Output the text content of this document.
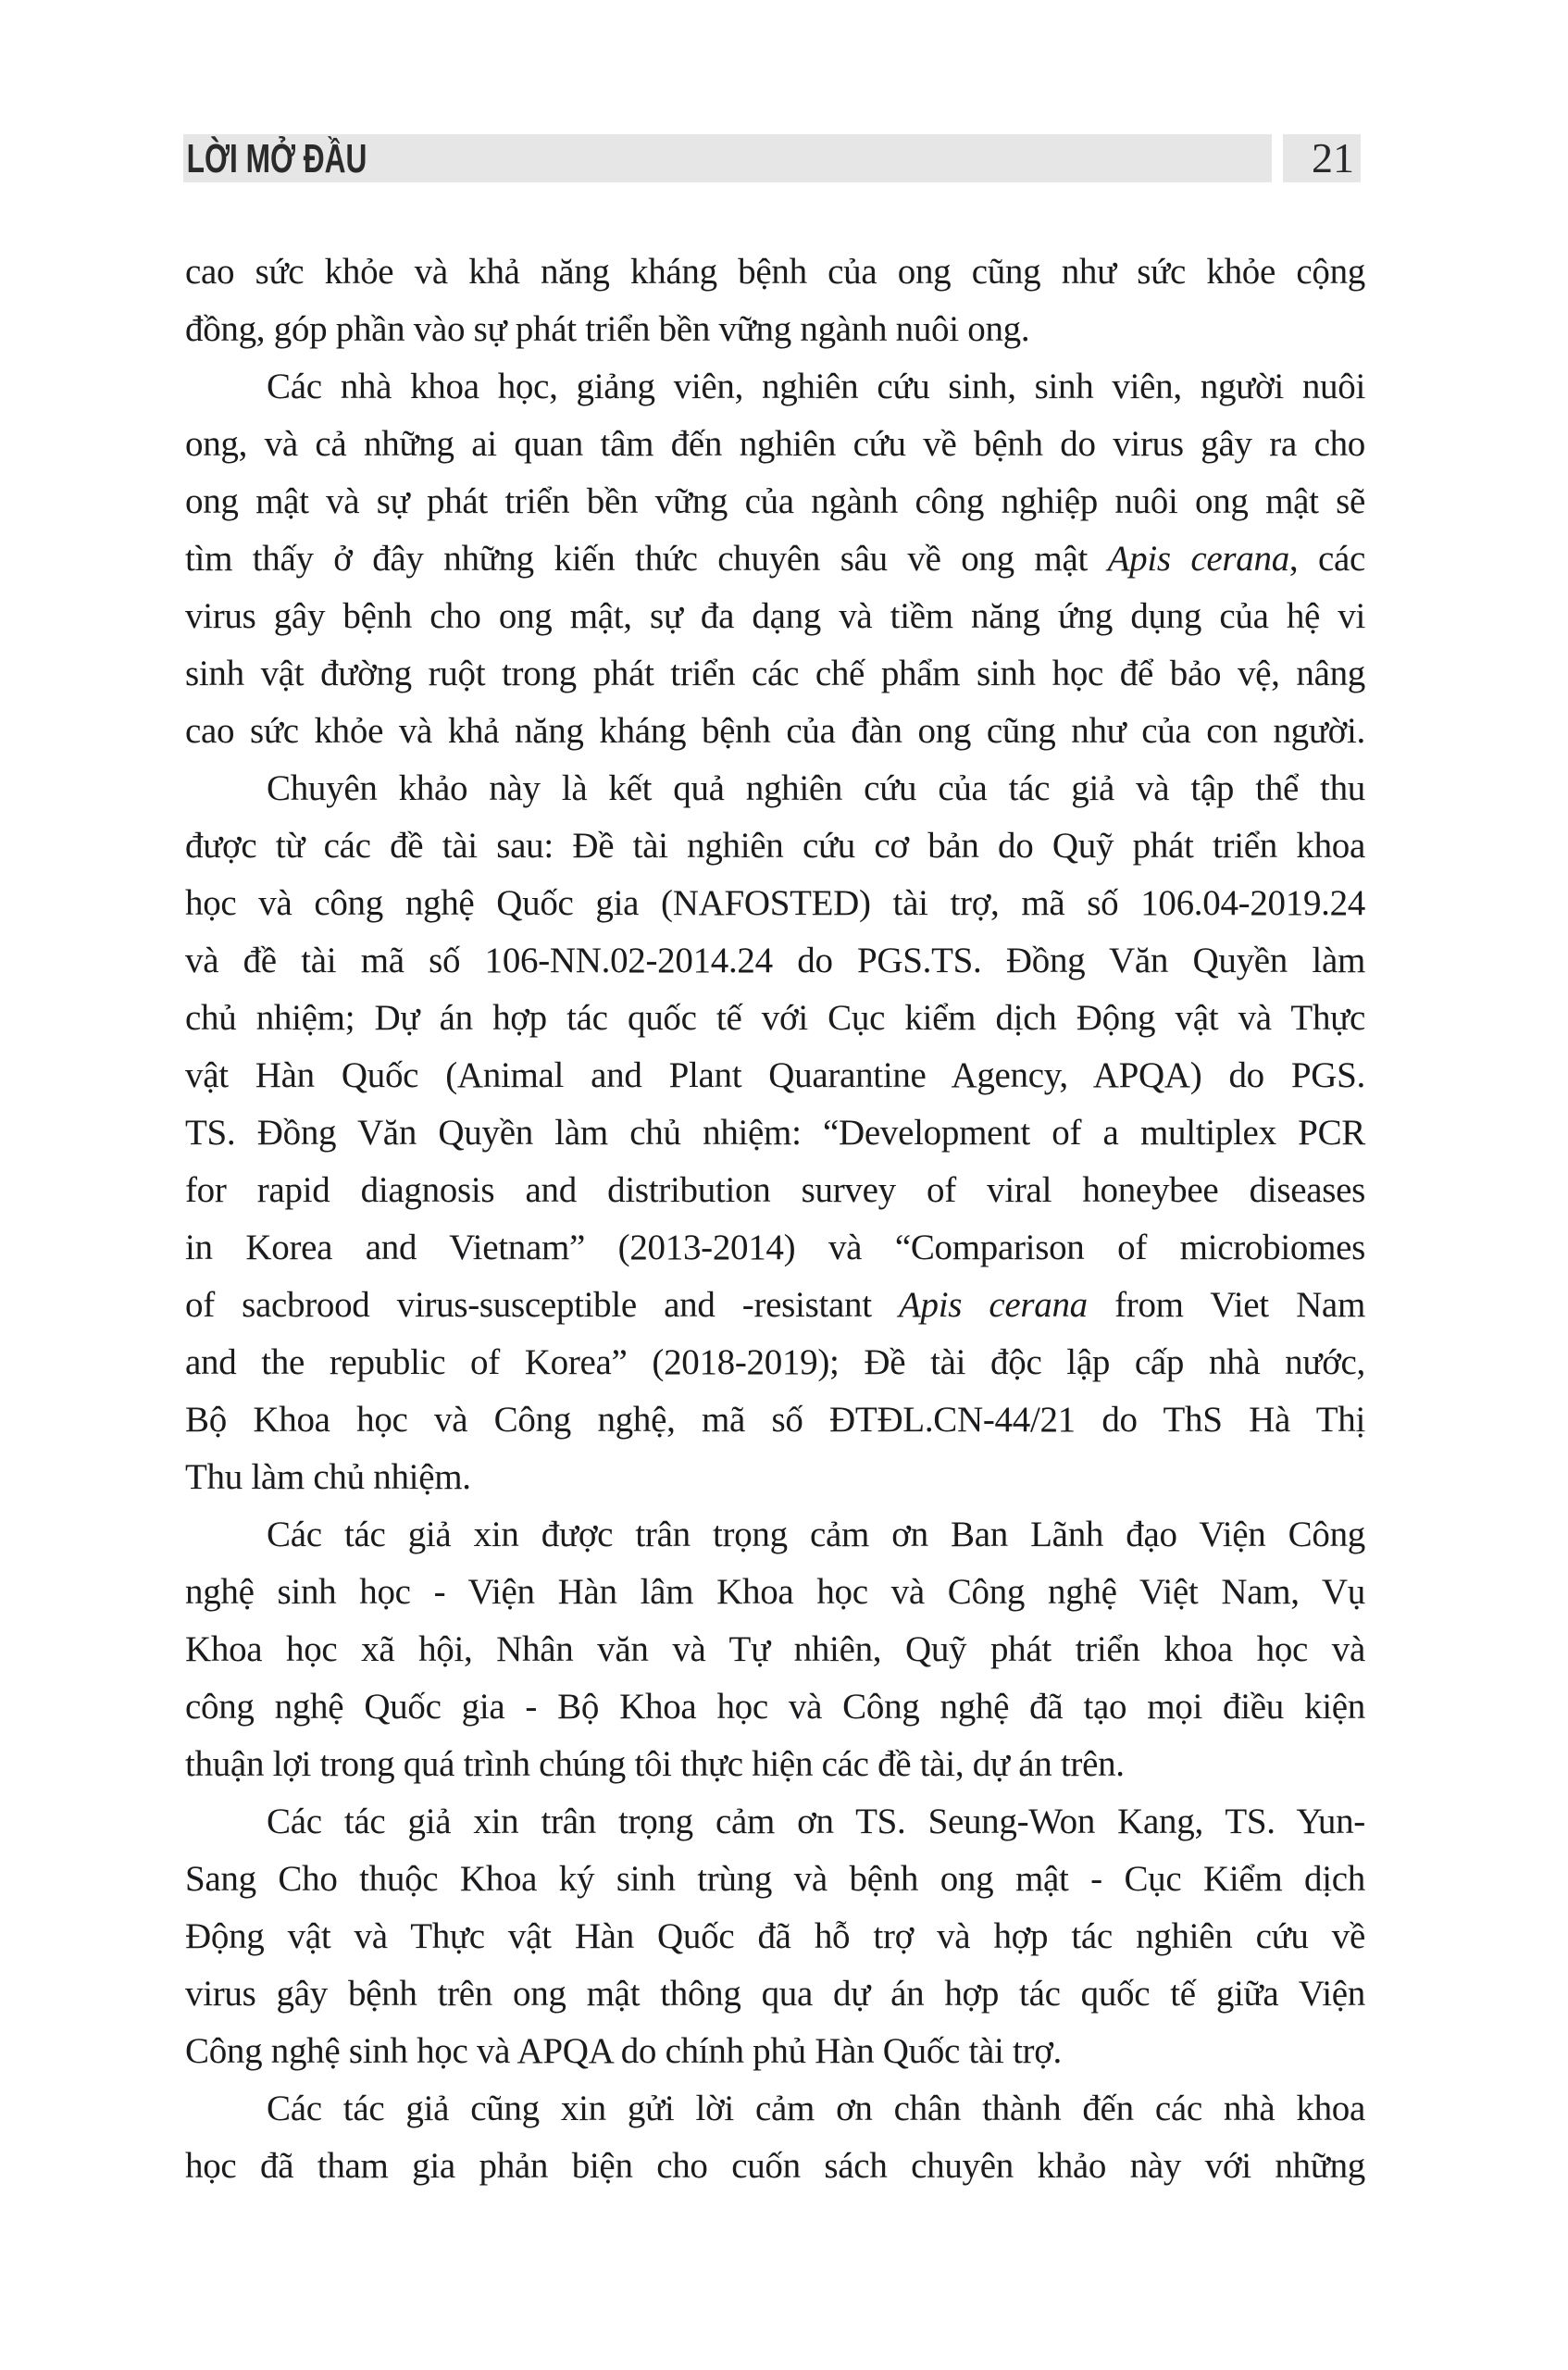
LỜI MỞ ĐẦU	21
cao sức khỏe và khả năng kháng bệnh của ong cũng như sức khỏe cộng
đồng, góp phần vào sự phát triển bền vững ngành nuôi ong.
Các nhà khoa học, giảng viên, nghiên cứu sinh, sinh viên, người nuôi
ong, và cả những ai quan tâm đến nghiên cứu về bệnh do virus gây ra cho
ong mật và sự phát triển bền vững của ngành công nghiệp nuôi ong mật sẽ
tìm thấy ở đây những kiến thức chuyên sâu về ong mật Apis cerana, các
virus gây bệnh cho ong mật, sự đa dạng và tiềm năng ứng dụng của hệ vi
sinh vật đường ruột trong phát triển các chế phẩm sinh học để bảo vệ, nâng
cao sức khỏe và khả năng kháng bệnh của đàn ong cũng như của con người.
Chuyên khảo này là kết quả nghiên cứu của tác giả và tập thể thu
được từ các đề tài sau: Đề tài nghiên cứu cơ bản do Quỹ phát triển khoa
học và công nghệ Quốc gia (NAFOSTED) tài trợ, mã số 106.04-2019.24
và đề tài mã số 106-NN.02-2014.24 do PGS.TS. Đồng Văn Quyền làm
chủ nhiệm; Dự án hợp tác quốc tế với Cục kiểm dịch Động vật và Thực
vật Hàn Quốc (Animal and Plant Quarantine Agency, APQA) do PGS.
TS. Đồng Văn Quyền làm chủ nhiệm: “Development of a multiplex PCR
for rapid diagnosis and distribution survey of viral honeybee diseases
in Korea and Vietnam” (2013-2014) và “Comparison of microbiomes
of sacbrood virus-susceptible and -resistant Apis cerana from Viet Nam
and the republic of Korea” (2018-2019); Đề tài độc lập cấp nhà nước,
Bộ Khoa học và Công nghệ, mã số ĐTĐL.CN-44/21 do ThS Hà Thị
Thu làm chủ nhiệm.
Các tác giả xin được trân trọng cảm ơn Ban Lãnh đạo Viện Công
nghệ sinh học - Viện Hàn lâm Khoa học và Công nghệ Việt Nam, Vụ
Khoa học xã hội, Nhân văn và Tự nhiên, Quỹ phát triển khoa học và
công nghệ Quốc gia - Bộ Khoa học và Công nghệ đã tạo mọi điều kiện
thuận lợi trong quá trình chúng tôi thực hiện các đề tài, dự án trên.
Các tác giả xin trân trọng cảm ơn TS. Seung-Won Kang, TS. Yun-
Sang Cho thuộc Khoa ký sinh trùng và bệnh ong mật - Cục Kiểm dịch
Động vật và Thực vật Hàn Quốc đã hỗ trợ và hợp tác nghiên cứu về
virus gây bệnh trên ong mật thông qua dự án hợp tác quốc tế giữa Viện
Công nghệ sinh học và APQA do chính phủ Hàn Quốc tài trợ.
Các tác giả cũng xin gửi lời cảm ơn chân thành đến các nhà khoa
học đã tham gia phản biện cho cuốn sách chuyên khảo này với những
